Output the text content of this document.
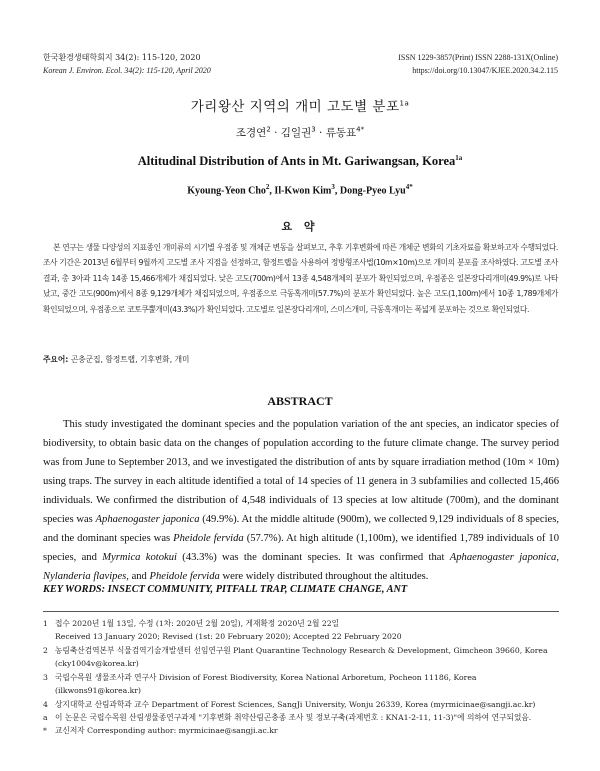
한국환경생태학회지 34(2): 115-120, 2020
Korean J. Environ. Ecol. 34(2): 115-120, April 2020
ISSN 1229-3857(Print) ISSN 2288-131X(Online)
https://doi.org/10.13047/KJEE.2020.34.2.115
가리왕산 지역의 개미 고도별 분포$^{1a}$
조경연$^2$ · 김일권$^3$ · 류동표$^{4*}$
Altitudinal Distribution of Ants in Mt. Gariwangsan, Korea$^{1a}$
Kyoung-Yeon Cho$^2$, Il-Kwon Kim$^3$, Dong-Pyeo Lyu$^{4*}$
요 약
본 연구는 생물 다양성의 지표종인 개미류의 시기별 우점종 및 개체군 변동을 살펴보고, 추후 기후변화에 따른 개체군 변화의 기초자료를 확보하고자 수행되었다. 조사 기간은 2013년 6월부터 9월까지 고도별 조사 지점을 선정하고, 함정트랩을 사용하여 정방형조사법(10m×10m)으로 개미의 분포를 조사하였다. 고도별 조사 결과, 총 3아과 11속 14종 15,466개체가 채집되었다. 낮은 고도(700m)에서 13종 4,548개체의 분포가 확인되었으며, 우점종은 일본장다리개미(49.9%)로 나타났고, 중간 고도(900m)에서 8종 9,129개체가 채집되었으며, 우점종으로 극동혹개미(57.7%)의 분포가 확인되었다. 높은 고도(1,100m)에서 10종 1,789개체가 확인되었으며, 우점종으로 코토쿠뿔개미(43.3%)가 확인되었다. 고도별로 일본장다리개미, 스미스개미, 극동혹개미는 폭넓게 분포하는 것으로 확인되었다.
주요어: 곤충군집, 함정트랩, 기후변화, 개미
ABSTRACT
This study investigated the dominant species and the population variation of the ant species, an indicator species of biodiversity, to obtain basic data on the changes of population according to the future climate change. The survey period was from June to September 2013, and we investigated the distribution of ants by square irradiation method (10m × 10m) using traps. The survey in each altitude identified a total of 14 species of 11 genera in 3 subfamilies and collected 15,466 individuals. We confirmed the distribution of 4,548 individuals of 13 species at low altitude (700m), and the dominant species was Aphaenogaster japonica (49.9%). At the middle altitude (900m), we collected 9,129 individuals of 8 species, and the dominant species was Pheidole fervida (57.7%). At high altitude (1,100m), we identified 1,789 individuals of 10 species, and Myrmica kotokui (43.3%) was the dominant species. It was confirmed that Aphaenogaster japonica, Nylanderia flavipes, and Pheidole fervida were widely distributed throughout the altitudes.
KEY WORDS: INSECT COMMUNITY, PITFALL TRAP, CLIMATE CHANGE, ANT
1 접수 2020년 1월 13일, 수정 (1차: 2020년 2월 20일), 게재확정 2020년 2월 22일
Received 13 January 2020; Revised (1st: 20 February 2020); Accepted 22 February 2020
2 농림축산검역본부 식물검역기술개발센터 선임연구원 Plant Quarantine Technology Research & Development, Gimcheon 39660, Korea
(cky1004v@korea.kr)
3 국립수목원 생물조사과 연구사 Division of Forest Biodiversity, Korea National Arboretum, Pocheon 11186, Korea
(ilkwons91@korea.kr)
4 상지대학교 산림과학과 교수 Department of Forest Sciences, SangJi University, Wonju 26339, Korea (myrmicinae@sangji.ac.kr)
a 이 논문은 국립수목원 산림생물종연구과제 "기후변화 취약산림곤충종 조사 및 정보구축(과제번호 : KNA1-2-11, 11-3)"에 의하여 연구되었음.
* 교신저자 Corresponding author: myrmicinae@sangji.ac.kr
